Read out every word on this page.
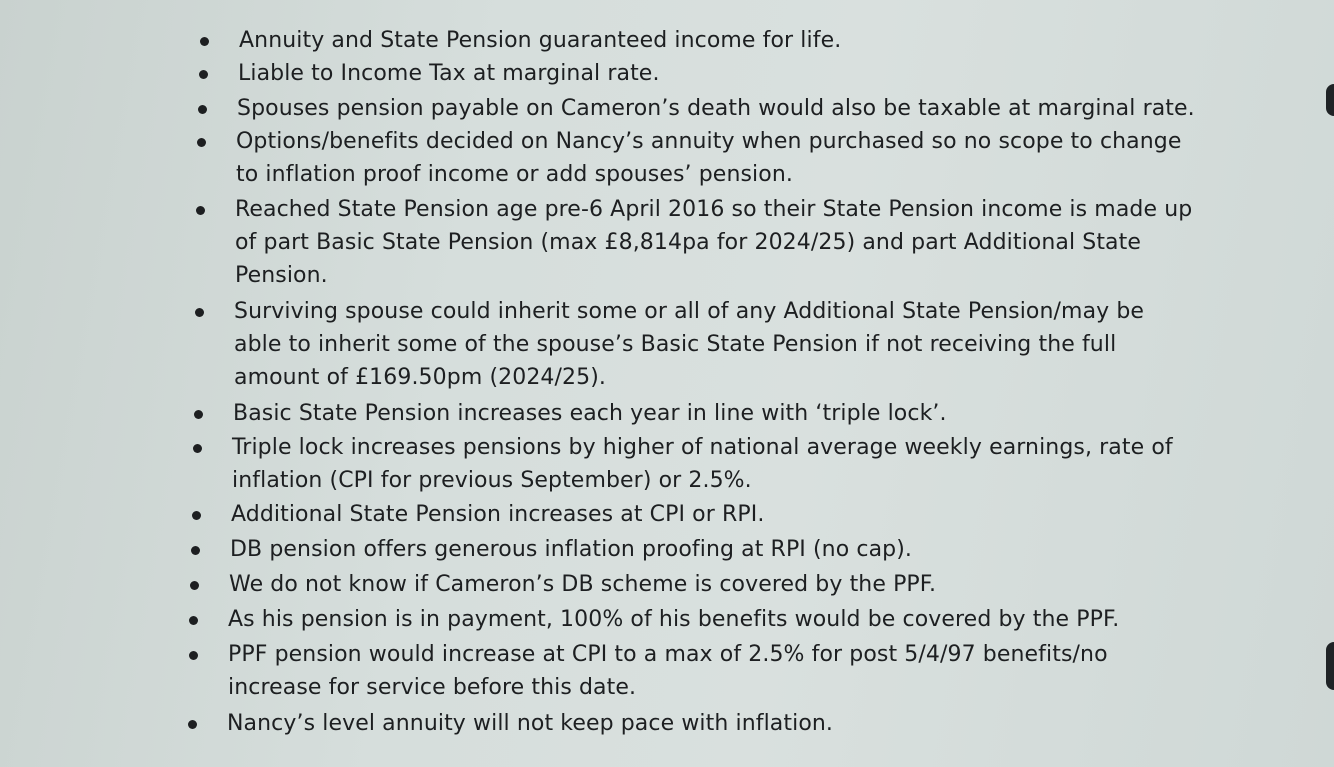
Annuity and State Pension guaranteed income for life.
Liable to Income Tax at marginal rate.
Spouses pension payable on Cameron’s death would also be taxable at marginal rate.
Options/benefits decided on Nancy’s annuity when purchased so no scope to change
to inflation proof income or add spouses’ pension.
Reached State Pension age pre-6 April 2016 so their State Pension income is made up
of part Basic State Pension (max £8,814pa for 2024/25) and part Additional State
Pension.
Surviving spouse could inherit some or all of any Additional State Pension/may be
able to inherit some of the spouse’s Basic State Pension if not receiving the full
amount of £169.50pm (2024/25).
Basic State Pension increases each year in line with ‘triple lock’.
Triple lock increases pensions by higher of national average weekly earnings, rate of
inflation (CPI for previous September) or 2.5%.
Additional State Pension increases at CPI or RPI.
DB pension offers generous inflation proofing at RPI (no cap).
We do not know if Cameron’s DB scheme is covered by the PPF.
As his pension is in payment, 100% of his benefits would be covered by the PPF.
PPF pension would increase at CPI to a max of 2.5% for post 5/4/97 benefits/no
increase for service before this date.
Nancy’s level annuity will not keep pace with inflation.
